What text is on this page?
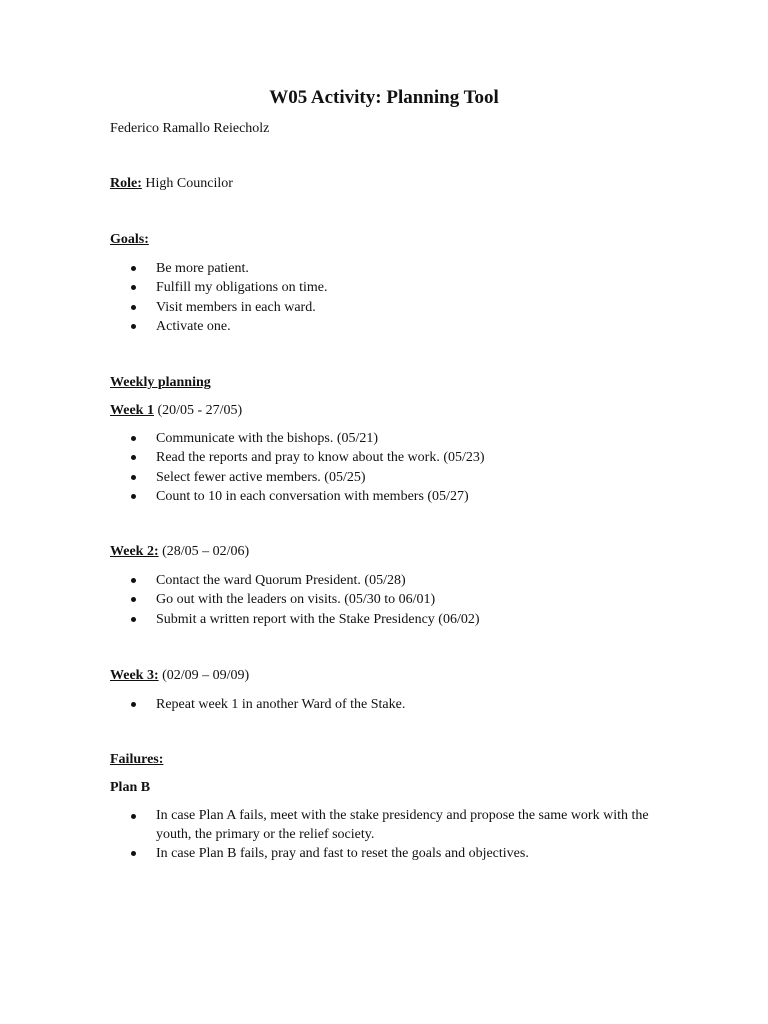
W05 Activity: Planning Tool
Federico Ramallo Reiecholz
Role: High Councilor
Goals:
Be more patient.
Fulfill my obligations on time.
Visit members in each ward.
Activate one.
Weekly planning
Week 1 (20/05 - 27/05)
Communicate with the bishops. (05/21)
Read the reports and pray to know about the work. (05/23)
Select fewer active members. (05/25)
Count to 10 in each conversation with members (05/27)
Week 2: (28/05 – 02/06)
Contact the ward Quorum President. (05/28)
Go out with the leaders on visits. (05/30 to 06/01)
Submit a written report with the Stake Presidency (06/02)
Week 3: (02/09 – 09/09)
Repeat week 1 in another Ward of the Stake.
Failures:
Plan B
In case Plan A fails, meet with the stake presidency and propose the same work with the youth, the primary or the relief society.
In case Plan B fails, pray and fast to reset the goals and objectives.
